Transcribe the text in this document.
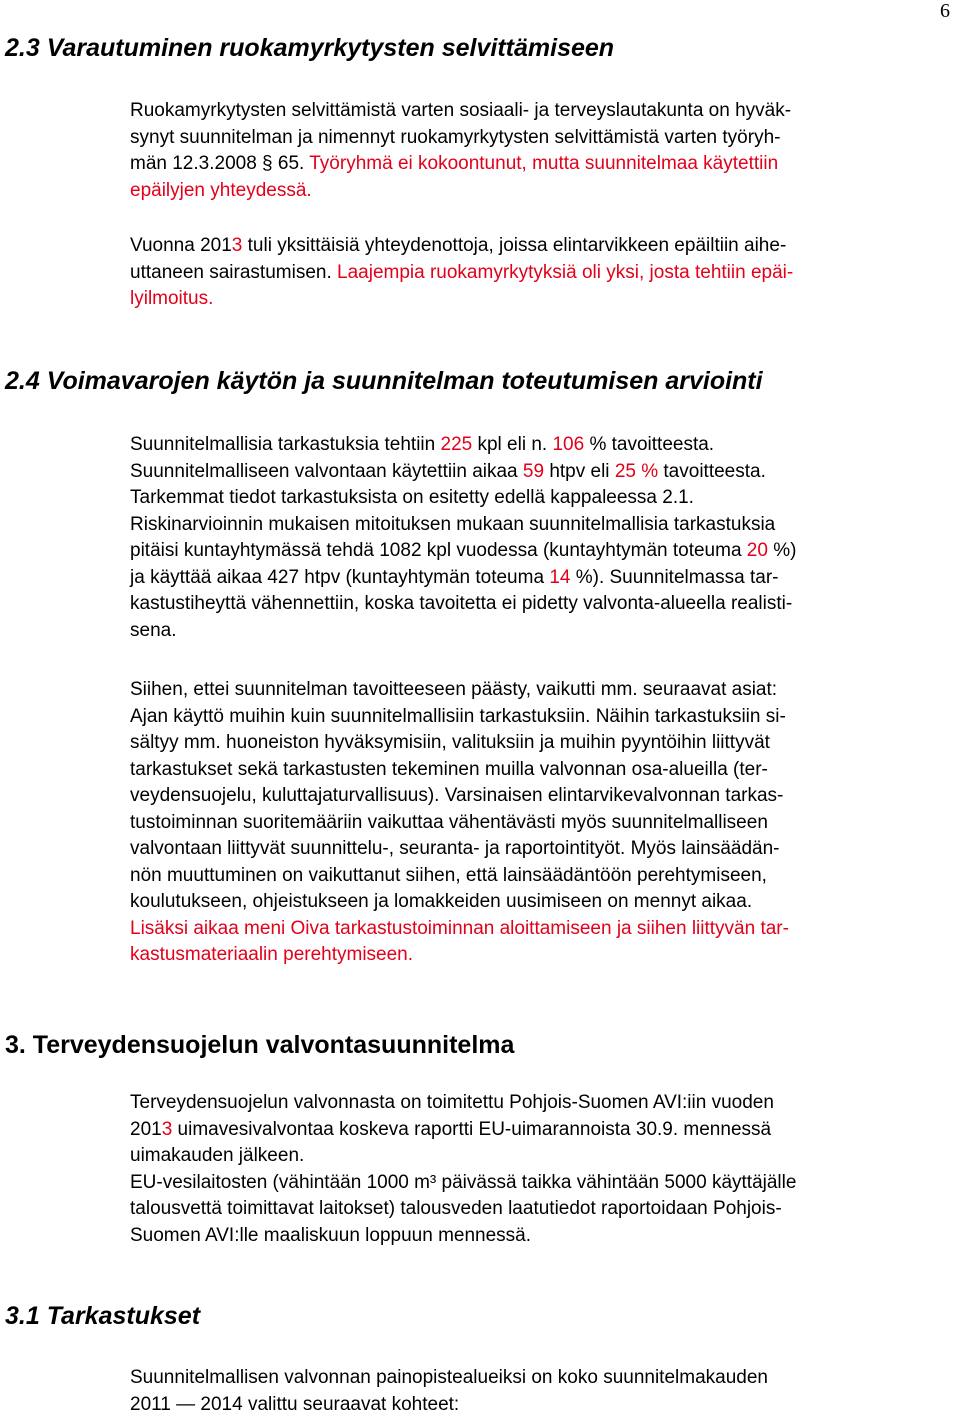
6
2.3 Varautuminen ruokamyrkytysten selvittämiseen
Ruokamyrkytysten selvittämistä varten sosiaali- ja terveyslautakunta on hyväk-
synyt suunnitelman ja nimennyt ruokamyrkytysten selvittämistä varten työryh-
män 12.3.2008 § 65. Työryhmä ei kokoontunut, mutta suunnitelmaa käytettiin
epäilyjen yhteydessä.
Vuonna 2013 tuli yksittäisiä yhteydenottoja, joissa elintarvikkeen epäiltiin aihe-
uttaneen sairastumisen. Laajempia ruokamyrkytyksiä oli yksi, josta tehtiin epäi-
lyilmoitus.
2.4 Voimavarojen käytön ja suunnitelman toteutumisen arviointi
Suunnitelmallisia tarkastuksia tehtiin 225 kpl eli n. 106 % tavoitteesta.
Suunnitelmalliseen valvontaan käytettiin aikaa 59 htpv eli 25 % tavoitteesta.
Tarkemmat tiedot tarkastuksista on esitetty edellä kappaleessa 2.1.
Riskinarvioinnin mukaisen mitoituksen mukaan suunnitelmallisia tarkastuksia
pitäisi kuntayhtymässä tehdä 1082 kpl vuodessa (kuntayhtymän toteuma 20 %)
ja käyttää aikaa 427 htpv (kuntayhtymän toteuma 14 %). Suunnitelmassa tar-
kastustiheyttä vähennettiin, koska tavoitetta ei pidetty valvonta-alueella realisti-
sena.
Siihen, ettei suunnitelman tavoitteeseen päästy, vaikutti mm. seuraavat asiat:
Ajan käyttö muihin kuin suunnitelmallisiin tarkastuksiin. Näihin tarkastuksiin si-
sältyy mm. huoneiston hyväksymisiin, valituksiin ja muihin pyyntöihin liittyvät
tarkastukset sekä tarkastusten tekeminen muilla valvonnan osa-alueilla (ter-
veydensuojelu, kuluttajaturvallisuus). Varsinaisen elintarvikevalvonnan tarkas-
tustoiminnan suoritemääriin vaikuttaa vähentävästi myös suunnitelmalliseen
valvontaan liittyvät suunnittelu-, seuranta- ja raportointityöt. Myös lainsäädän-
nön muuttuminen on vaikuttanut siihen, että lainsäädäntöön perehtymiseen,
koulutukseen, ohjeistukseen ja lomakkeiden uusimiseen on mennyt aikaa.
Lisäksi aikaa meni Oiva tarkastustoiminnan aloittamiseen ja siihen liittyvän tar-
kastusmateriaalin perehtymiseen.
3. Terveydensuojelun valvontasuunnitelma
Terveydensuojelun valvonnasta on toimitettu Pohjois-Suomen AVI:iin vuoden
2013 uimavesivalvontaa koskeva raportti EU-uimarannoista 30.9. mennessä
uimakauden jälkeen.
EU-vesilaitosten (vähintään 1000 m³ päivässä taikka vähintään 5000 käyttäjälle
talousvettä toimittavat laitokset) talousveden laatutiedot raportoidaan Pohjois-
Suomen AVI:lle maaliskuun loppuun mennessä.
3.1 Tarkastukset
Suunnitelmallisen valvonnan painopistealueiksi on koko suunnitelmakauden
2011 — 2014 valittu seuraavat kohteet:
